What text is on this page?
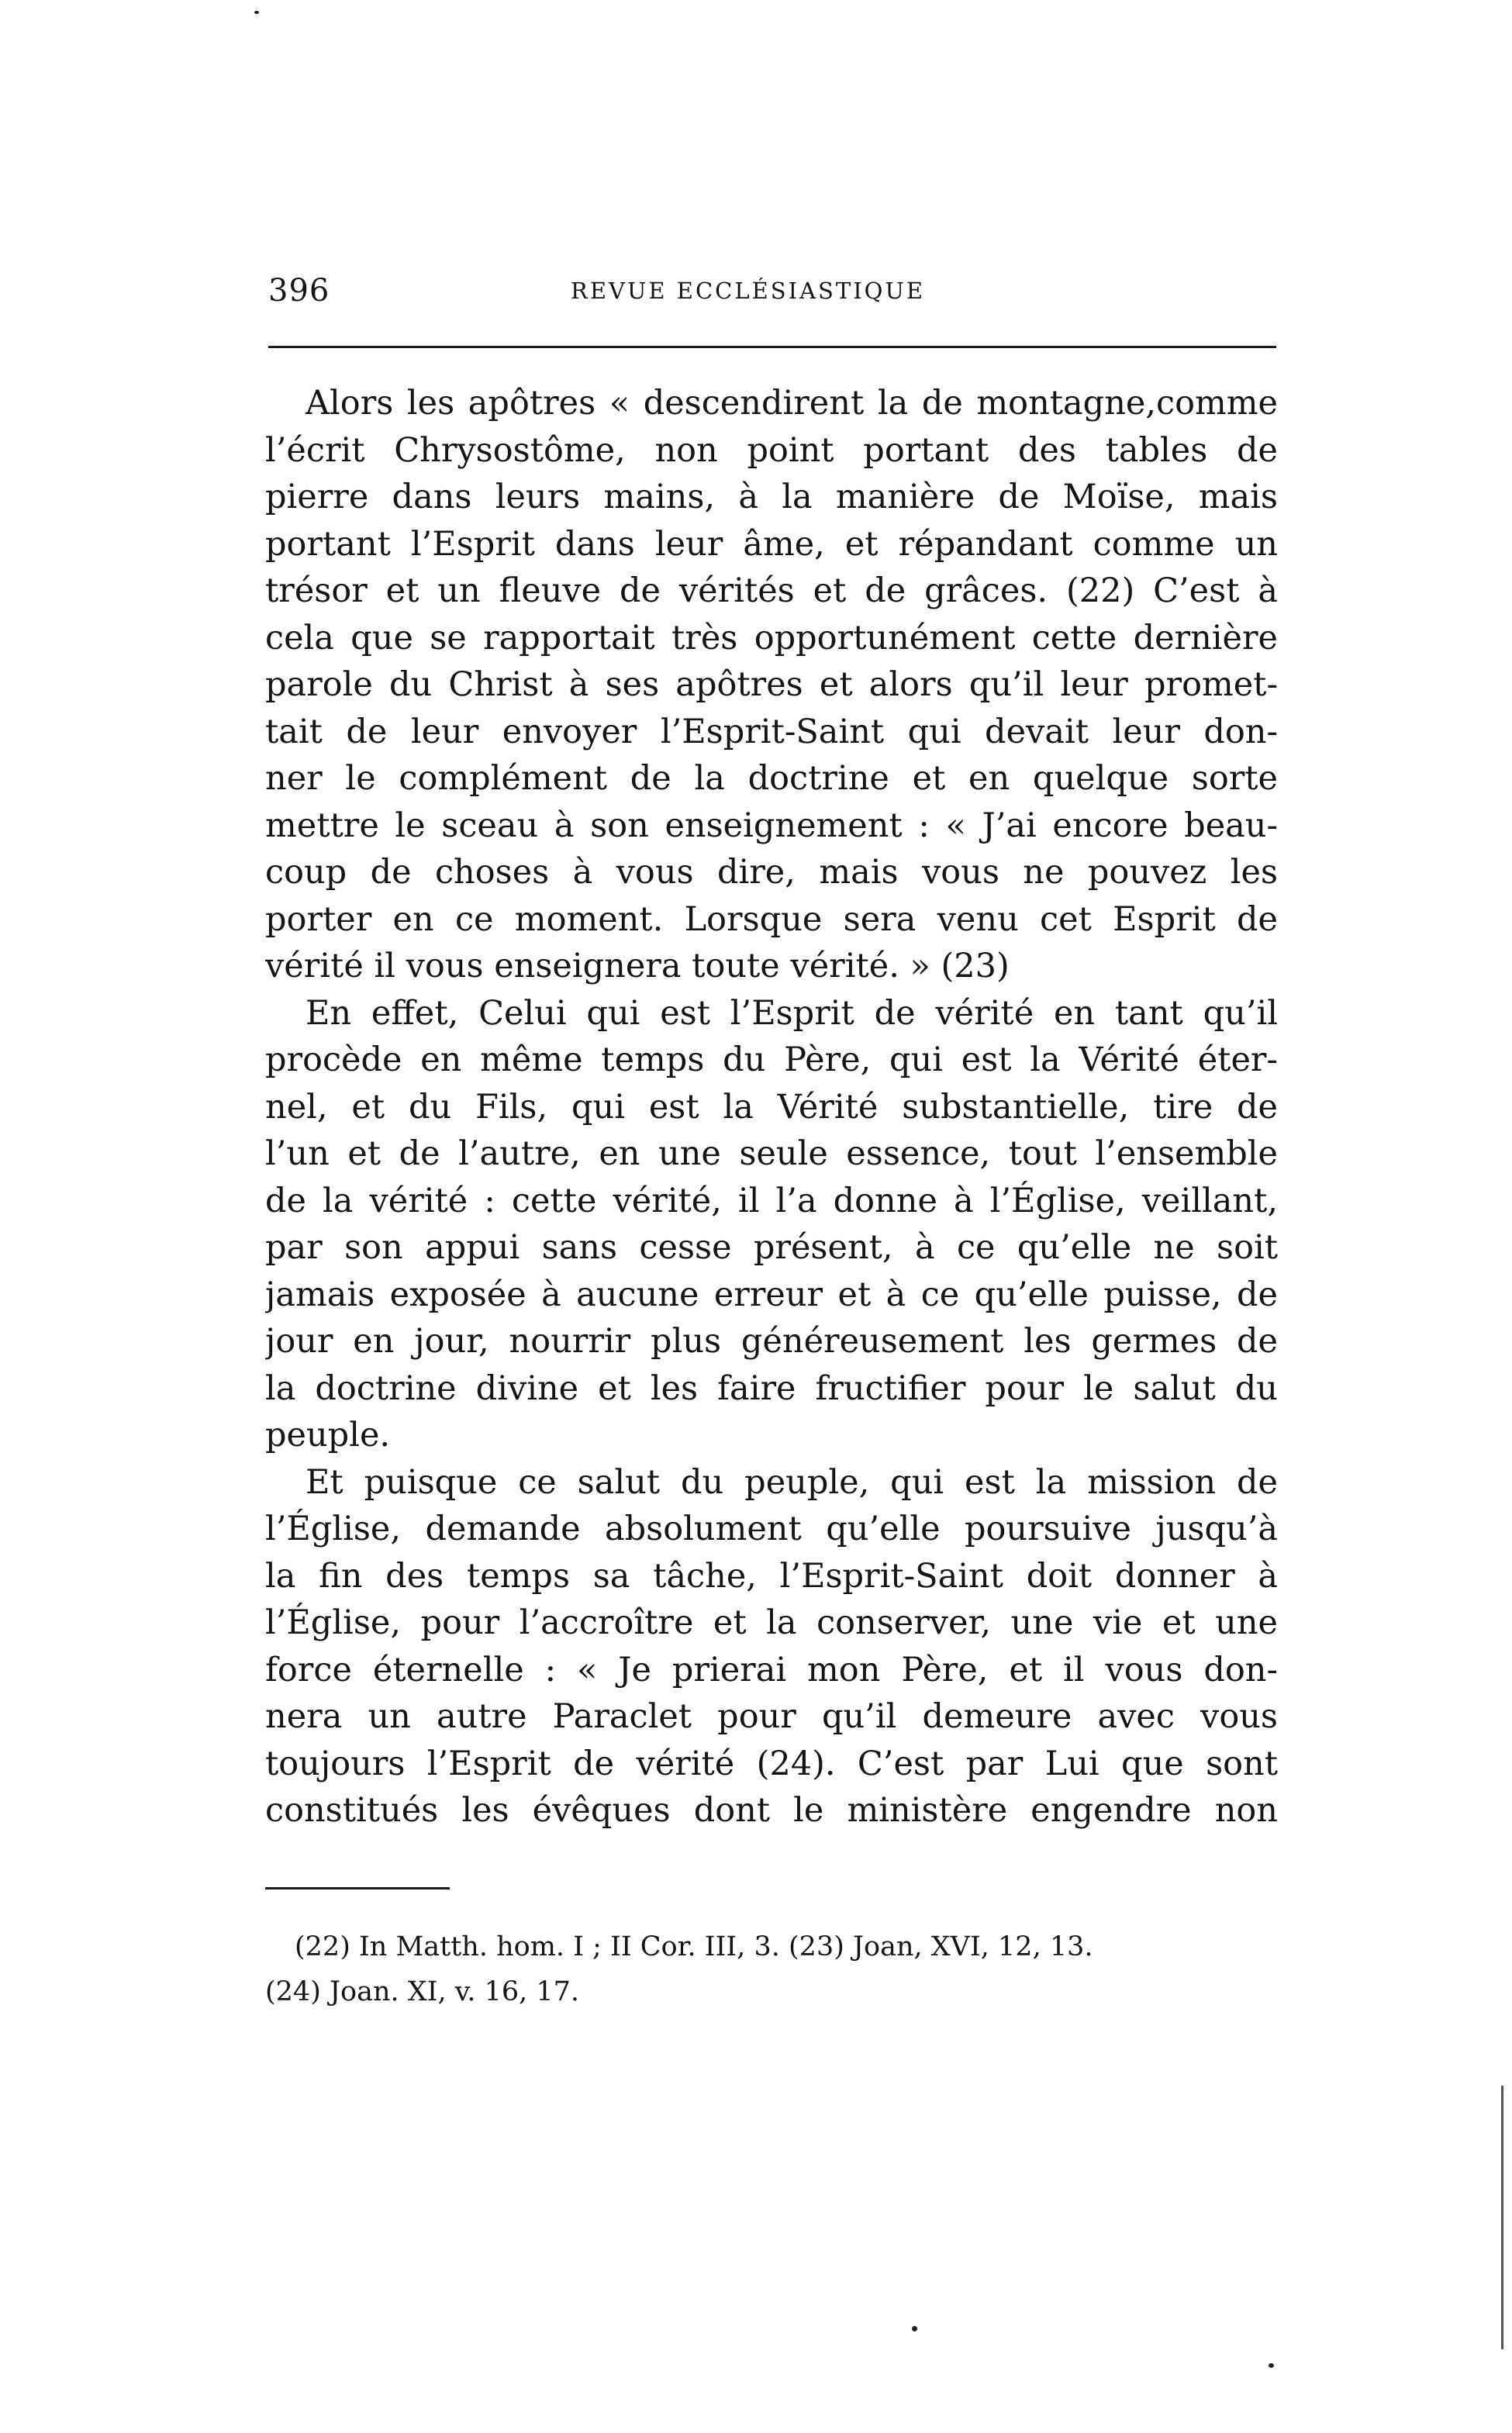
396	REVUE ECCLÉSIASTIQUE
Alors les apôtres « descendirent la de montagne,comme
l’écrit Chrysostôme, non point portant des tables de
pierre dans leurs mains, à la manière de Moïse, mais
portant l’Esprit dans leur âme, et répandant comme un
trésor et un fleuve de vérités et de grâces. (22) C’est à
cela que se rapportait très opportunément cette dernière
parole du Christ à ses apôtres et alors qu’il leur promet-
tait de leur envoyer l’Esprit-Saint qui devait leur don-
ner le complément de la doctrine et en quelque sorte
mettre le sceau à son enseignement : « J’ai encore beau-
coup de choses à vous dire, mais vous ne pouvez les
porter en ce moment. Lorsque sera venu cet Esprit de
vérité il vous enseignera toute vérité. » (23)
En effet, Celui qui est l’Esprit de vérité en tant qu’il
procède en même temps du Père, qui est la Vérité éter-
nel, et du Fils, qui est la Vérité substantielle, tire de
l’un et de l’autre, en une seule essence, tout l’ensemble
de la vérité : cette vérité, il l’a donne à l’Église, veillant,
par son appui sans cesse présent, à ce qu’elle ne soit
jamais exposée à aucune erreur et à ce qu’elle puisse, de
jour en jour, nourrir plus généreusement les germes de
la doctrine divine et les faire fructifier pour le salut du
peuple.
Et puisque ce salut du peuple, qui est la mission de
l’Église, demande absolument qu’elle poursuive jusqu’à
la fin des temps sa tâche, l’Esprit-Saint doit donner à
l’Église, pour l’accroître et la conserver, une vie et une
force éternelle : « Je prierai mon Père, et il vous don-
nera un autre Paraclet pour qu’il demeure avec vous
toujours l’Esprit de vérité (24). C’est par Lui que sont
constitués les évêques dont le ministère engendre non
(22) In Matth. hom. I ; II Cor. III, 3. (23) Joan, XVI, 12, 13.
(24) Joan. XI, v. 16, 17.
